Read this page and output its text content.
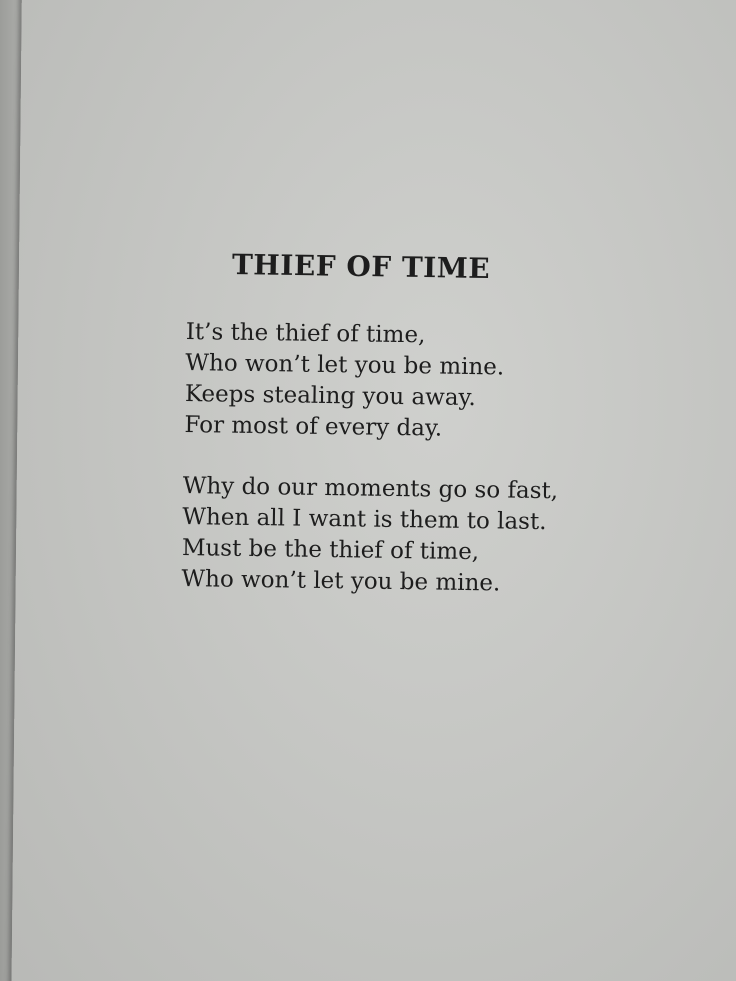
THIEF OF TIME
It’s the thief of time,
Who won’t let you be mine.
Keeps stealing you away.
For most of every day.
Why do our moments go so fast,
When all I want is them to last.
Must be the thief of time,
Who won’t let you be mine.
